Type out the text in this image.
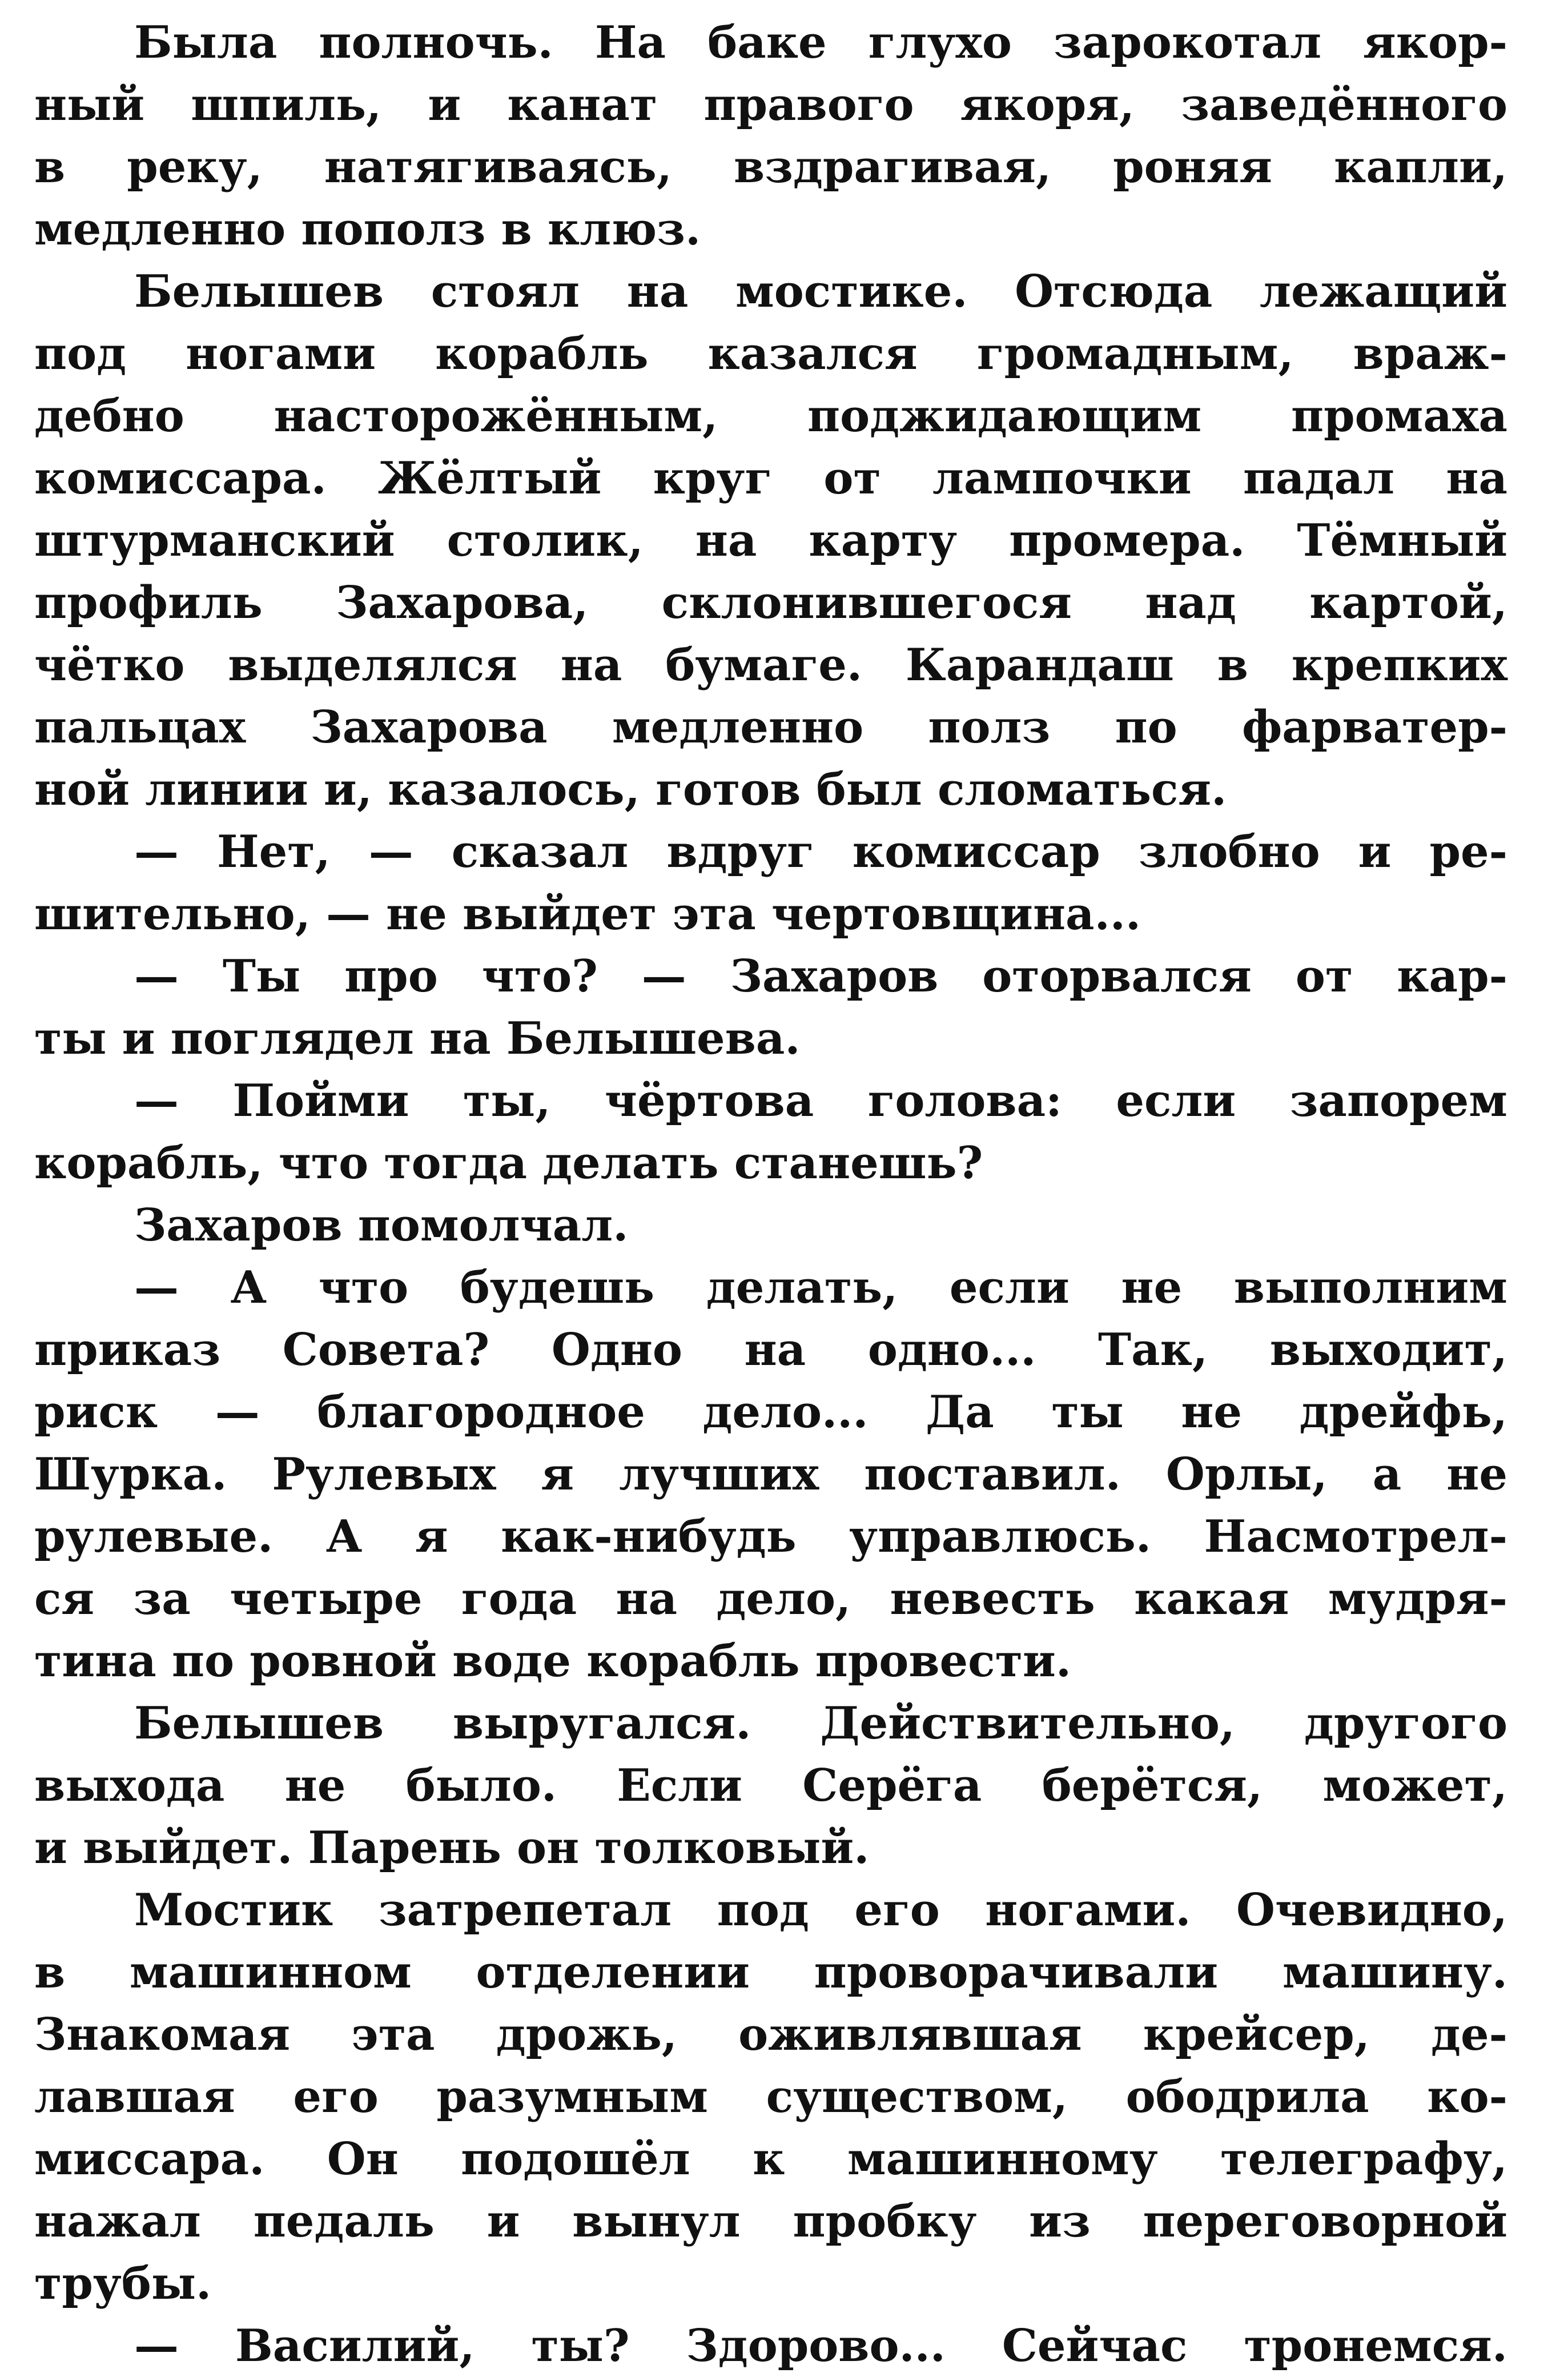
Была полночь. На баке глухо зарокотал якор-
ный шпиль, и канат правого якоря, заведённого
в реку, натягиваясь, вздрагивая, роняя капли,
медленно пополз в клюз.
Белышев стоял на мостике. Отсюда лежащий
под ногами корабль казался громадным, враж-
дебно насторожённым, поджидающим промаха
комиссара. Жёлтый круг от лампочки падал на
штурманский столик, на карту промера. Тёмный
профиль Захарова, склонившегося над картой,
чётко выделялся на бумаге. Карандаш в крепких
пальцах Захарова медленно полз по фарватер-
ной линии и, казалось, готов был сломаться.
— Нет, — сказал вдруг комиссар злобно и ре-
шительно, — не выйдет эта чертовщина...
— Ты про что? — Захаров оторвался от кар-
ты и поглядел на Белышева.
— Пойми ты, чёртова голова: если запорем
корабль, что тогда делать станешь?
Захаров помолчал.
— А что будешь делать, если не выполним
приказ Совета? Одно на одно... Так, выходит,
риск — благородное дело... Да ты не дрейфь,
Шурка. Рулевых я лучших поставил. Орлы, а не
рулевые. А я как-нибудь управлюсь. Насмотрел-
ся за четыре года на дело, невесть какая мудря-
тина по ровной воде корабль провести.
Белышев выругался. Действительно, другого
выхода не было. Если Серёга берётся, может,
и выйдет. Парень он толковый.
Мостик затрепетал под его ногами. Очевидно,
в машинном отделении проворачивали машину.
Знакомая эта дрожь, оживлявшая крейсер, де-
лавшая его разумным существом, ободрила ко-
миссара. Он подошёл к машинному телеграфу,
нажал педаль и вынул пробку из переговорной
трубы.
— Василий, ты? Здорово... Сейчас тронемся.
